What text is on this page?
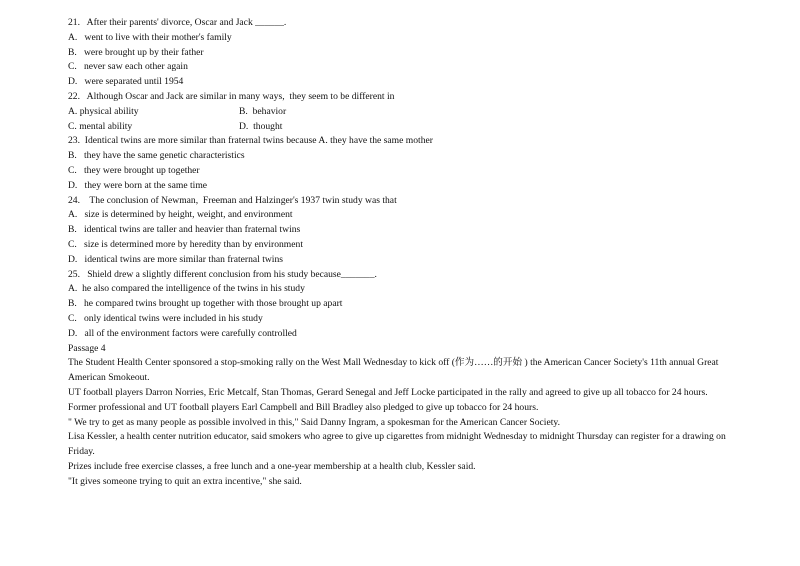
21.   After their parents' divorce, Oscar and Jack ______.
A.   went to live with their mother's family
B.   were brought up by their father
C.   never saw each other again
D.   were separated until 1954
22.   Although Oscar and Jack are similar in many ways,  they seem to be different in
A. physical ability	B.  behavior
C. mental ability	D.  thought
23.  Identical twins are more similar than fraternal twins because A. they have the same mother
B.   they have the same genetic characteristics
C.   they were brought up together
D.   they were born at the same time
24.    The conclusion of Newman,  Freeman and Halzinger's 1937 twin study was that
A.   size is determined by height, weight, and environment
B.   identical twins are taller and heavier than fraternal twins
C.   size is determined more by heredity than by environment
D.   identical twins are more similar than fraternal twins
25.   Shield drew a slightly different conclusion from his study because_______.
A.  he also compared the intelligence of the twins in his study
B.   he compared twins brought up together with those brought up apart
C.   only identical twins were included in his study
D.   all of the environment factors were carefully controlled
Passage 4
The Student Health Center sponsored a stop-smoking rally on the West Mall Wednesday to kick off (作为……的开始 ) the American Cancer Society's 11th annual Great American Smokeout.
UT football players Darron Norries, Eric Metcalf, Stan Thomas, Gerard Senegal and Jeff Locke participated in the rally and agreed to give up all tobacco for 24 hours.
Former professional and UT football players Earl Campbell and Bill Bradley also pledged to give up tobacco for 24 hours.
" We try to get as many people as possible involved in this," Said Danny Ingram, a spokesman for the American Cancer Society.
Lisa Kessler, a health center nutrition educator, said smokers who agree to give up cigarettes from midnight Wednesday to midnight Thursday can register for a drawing on Friday.
Prizes include free exercise classes, a free lunch and a one-year membership at a health club, Kessler said.
"It gives someone trying to quit an extra incentive," she said.
